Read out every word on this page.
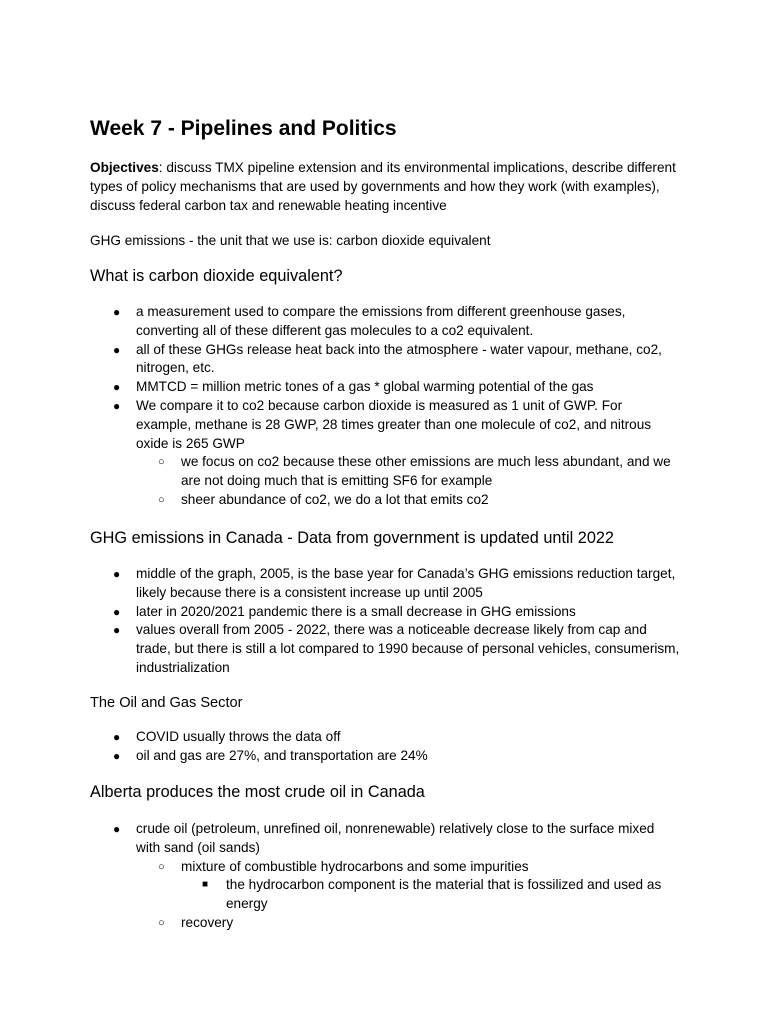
Week 7 - Pipelines and Politics

Objectives: discuss TMX pipeline extension and its environmental implications, describe different types of policy mechanisms that are used by governments and how they work (with examples), discuss federal carbon tax and renewable heating incentive

GHG emissions - the unit that we use is: carbon dioxide equivalent

What is carbon dioxide equivalent?
● a measurement used to compare the emissions from different greenhouse gases, converting all of these different gas molecules to a co2 equivalent.
● all of these GHGs release heat back into the atmosphere - water vapour, methane, co2, nitrogen, etc.
● MMTCD = million metric tones of a gas * global warming potential of the gas
● We compare it to co2 because carbon dioxide is measured as 1 unit of GWP. For example, methane is 28 GWP, 28 times greater than one molecule of co2, and nitrous oxide is 265 GWP
○ we focus on co2 because these other emissions are much less abundant, and we are not doing much that is emitting SF6 for example
○ sheer abundance of co2, we do a lot that emits co2
GHG emissions in Canada - Data from government is updated until 2022
● middle of the graph, 2005, is the base year for Canada’s GHG emissions reduction target, likely because there is a consistent increase up until 2005
● later in 2020/2021 pandemic there is a small decrease in GHG emissions
● values overall from 2005 - 2022, there was a noticeable decrease likely from cap and trade, but there is still a lot compared to 1990 because of personal vehicles, consumerism, industrialization
The Oil and Gas Sector
● COVID usually throws the data off
● oil and gas are 27%, and transportation are 24%
Alberta produces the most crude oil in Canada
● crude oil (petroleum, unrefined oil, nonrenewable) relatively close to the surface mixed with sand (oil sands)
○ mixture of combustible hydrocarbons and some impurities
■ the hydrocarbon component is the material that is fossilized and used as energy
○ recovery
